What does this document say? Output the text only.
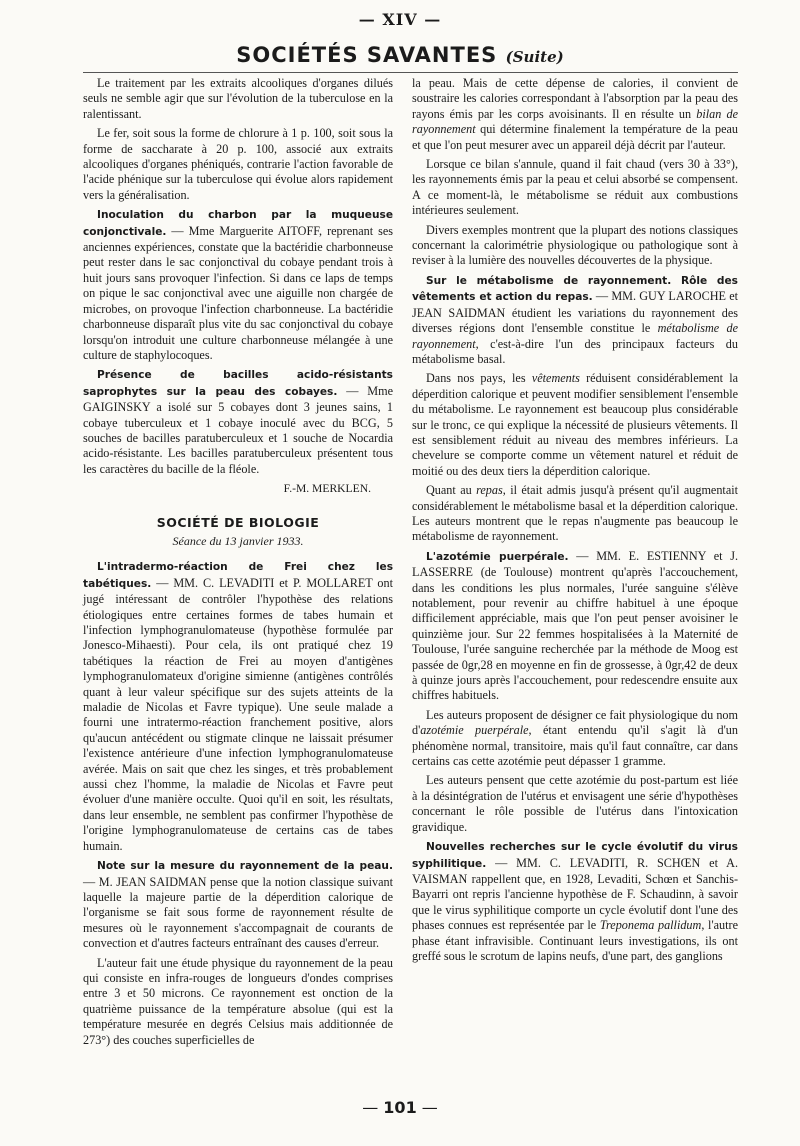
— XIV —
SOCIÉTÉS SAVANTES (Suite)

Le traitement par les extraits alcooliques d'organes dilués seuls ne semble agir que sur l'évolution de la tuberculose en la ralentissant.

Le fer, soit sous la forme de chlorure à 1 p. 100, soit sous la forme de saccharate à 20 p. 100, associé aux extraits alcooliques d'organes phéniqués, contrarie l'action favorable de l'acide phénique sur la tuberculose qui évolue alors rapidement vers la généralisation.

Inoculation du charbon par la muqueuse conjonctivale. — Mme Marguerite AITOFF, reprenant ses anciennes expériences, constate que la bactéridie charbonneuse peut rester dans le sac conjonctival du cobaye pendant trois à huit jours sans provoquer l'infection. Si dans ce laps de temps on pique le sac conjonctival avec une aiguille non chargée de microbes, on provoque l'infection charbonneuse. La bactéridie charbonneuse disparaît plus vite du sac conjonctival du cobaye lorsqu'on introduit une culture charbonneuse mélangée à une culture de staphylocoques.

Présence de bacilles acido-résistants saprophytes sur la peau des cobayes. — Mme GAIGINSKY a isolé sur 5 cobayes dont 3 jeunes sains, 1 cobaye tuberculeux et 1 cobaye inoculé avec du BCG, 5 souches de bacilles paratuberculeux et 1 souche de Nocardia acido-résistante. Les bacilles paratuberculeux présentent tous les caractères du bacille de la fléole.

F.-M. MERKLEN.
SOCIÉTÉ DE BIOLOGIE
Séance du 13 janvier 1933.

L'intradermo-réaction de Frei chez les tabétiques. — MM. C. LEVADITI et P. MOLLARET ont jugé intéressant de contrôler l'hypothèse des relations étiologiques entre certaines formes de tabes humain et l'infection lymphogranulomateuse (hypothèse formulée par Jonesco-Mihaesti). Pour cela, ils ont pratiqué chez 19 tabétiques la réaction de Frei au moyen d'antigènes lymphogranulomateux d'origine simienne (antigènes contrôlés quant à leur valeur spécifique sur des sujets atteints de la maladie de Nicolas et Favre typique). Une seule malade a fourni une intratermo-réaction franchement positive, alors qu'aucun antécédent ou stigmate clinque ne laissait présumer l'existence antérieure d'une infection lymphogranulomateuse avérée. Mais on sait que chez les singes, et très probablement aussi chez l'homme, la maladie de Nicolas et Favre peut évoluer d'une manière occulte. Quoi qu'il en soit, les résultats, dans leur ensemble, ne semblent pas confirmer l'hypothèse de l'origine lymphogranulomateuse de certains cas de tabes humain.

Note sur la mesure du rayonnement de la peau. — M. JEAN SAIDMAN pense que la notion classique suivant laquelle la majeure partie de la déperdition calorique de l'organisme se fait sous forme de rayonnement résulte de mesures où le rayonnement s'accompagnait de courants de convection et d'autres facteurs entraînant des causes d'erreur.

L'auteur fait une étude physique du rayonnement de la peau qui consiste en infra-rouges de longueurs d'ondes comprises entre 3 et 50 microns. Ce rayonnement est onction de la quatrième puissance de la température absolue (qui est la température mesurée en degrés Celsius mais additionnée de 273°) des couches superficielles de

la peau. Mais de cette dépense de calories, il convient de soustraire les calories correspondant à l'absorption par la peau des rayons émis par les corps avoisinants. Il en résulte un bilan de rayonnement qui détermine finalement la température de la peau et que l'on peut mesurer avec un appareil déjà décrit par l'auteur.

Lorsque ce bilan s'annule, quand il fait chaud (vers 30 à 33°), les rayonnements émis par la peau et celui absorbé se compensent. A ce moment-là, le métabolisme se réduit aux combustions intérieures seulement.

Divers exemples montrent que la plupart des notions classiques concernant la calorimétrie physiologique ou pathologique sont à reviser à la lumière des nouvelles découvertes de la physique.

Sur le métabolisme de rayonnement. Rôle des vêtements et action du repas. — MM. GUY LAROCHE et JEAN SAIDMAN étudient les variations du rayonnement des diverses régions dont l'ensemble constitue le métabolisme de rayonnement, c'est-à-dire l'un des principaux facteurs du métabolisme basal.

Dans nos pays, les vêtements réduisent considérablement la déperdition calorique et peuvent modifier sensiblement l'ensemble du métabolisme. Le rayonnement est beaucoup plus considérable sur le tronc, ce qui explique la nécessité de plusieurs vêtements. Il est sensiblement réduit au niveau des membres inférieurs. La chevelure se comporte comme un vêtement naturel et réduit de moitié ou des deux tiers la déperdition calorique.

Quant au repas, il était admis jusqu'à présent qu'il augmentait considérablement le métabolisme basal et la déperdition calorique. Les auteurs montrent que le repas n'augmente pas beaucoup le métabolisme de rayonnement.

L'azotémie puerpérale. — MM. E. ESTIENNY et J. LASSERRE (de Toulouse) montrent qu'après l'accouchement, dans les conditions les plus normales, l'urée sanguine s'élève notablement, pour revenir au chiffre habituel à une époque difficilement appréciable, mais que l'on peut penser avoisiner le quinzième jour. Sur 22 femmes hospitalisées à la Maternité de Toulouse, l'urée sanguine recherchée par la méthode de Moog est passée de 0gr,28 en moyenne en fin de grossesse, à 0gr,42 de deux à quinze jours après l'accouchement, pour redescendre ensuite aux chiffres habituels.

Les auteurs proposent de désigner ce fait physiologique du nom d'azotémie puerpérale, étant entendu qu'il s'agit là d'un phénomène normal, transitoire, mais qu'il faut connaître, car dans certains cas cette azotémie peut dépasser 1 gramme.

Les auteurs pensent que cette azotémie du post-partum est liée à la désintégration de l'utérus et envisagent une série d'hypothèses concernant le rôle possible de l'utérus dans l'intoxication gravidique.

Nouvelles recherches sur le cycle évolutif du virus syphilitique. — MM. C. LEVADITI, R. SCHŒN et A. VAISMAN rappellent que, en 1928, Levaditi, Schœn et Sanchis-Bayarri ont repris l'ancienne hypothèse de F. Schaudinn, à savoir que le virus syphilitique comporte un cycle évolutif dont l'une des phases connues est représentée par le Treponema pallidum, l'autre phase étant infravisible. Continuant leurs investigations, ils ont greffé sous le scrotum de lapins neufs, d'une part, des ganglions

— 101 —
